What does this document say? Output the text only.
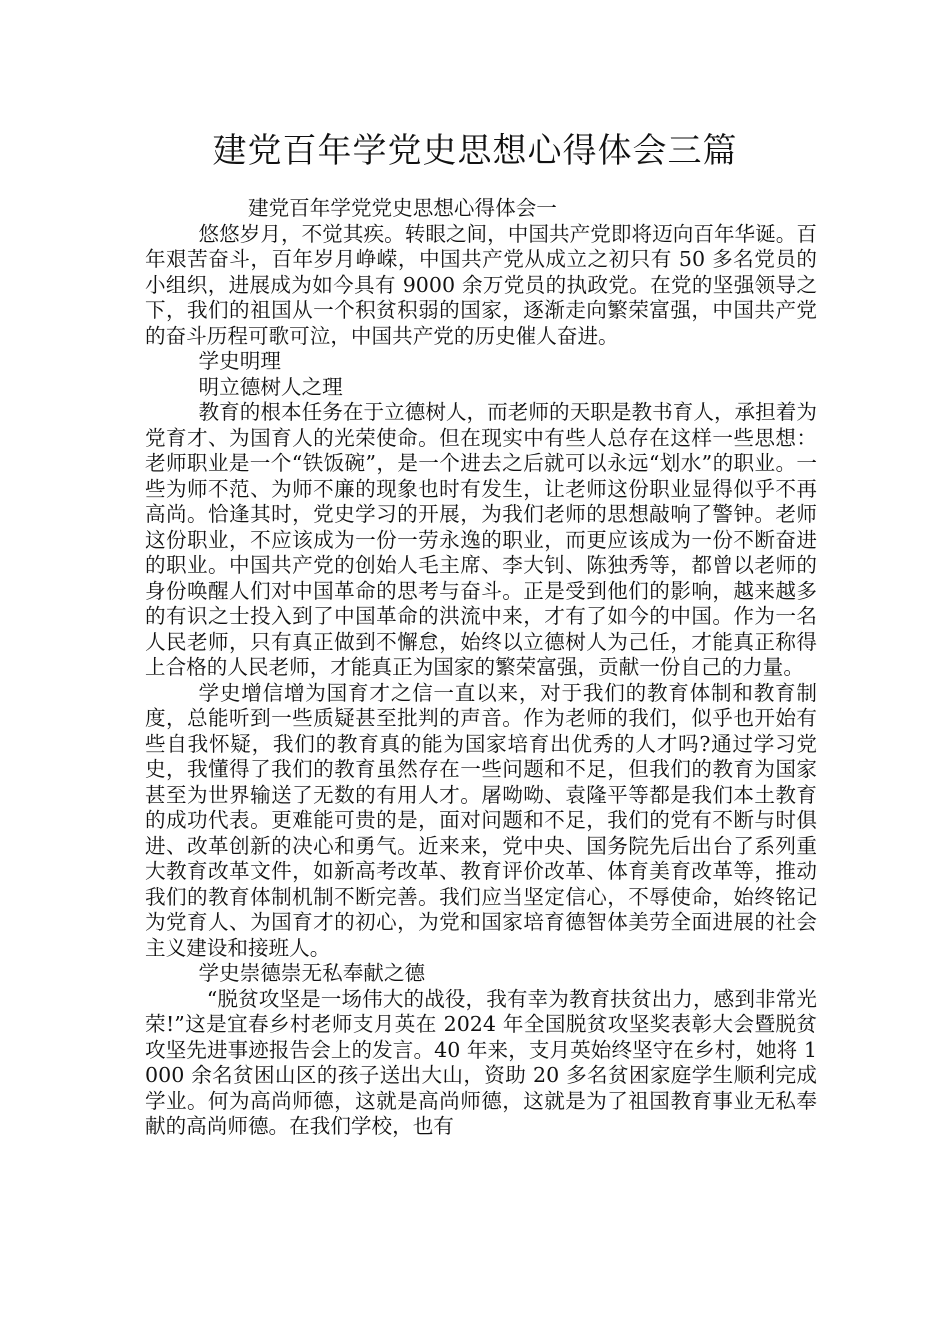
建党百年学党史思想心得体会三篇

建党百年学党党史思想心得体会一

悠悠岁月，不觉其疾。转眼之间，中国共产党即将迈向百年华诞。百年艰苦奋斗，百年岁月峥嵘，中国共产党从成立之初只有 50 多名党员的小组织，进展成为如今具有 9000 余万党员的执政党。在党的坚强领导之下，我们的祖国从一个积贫积弱的国家，逐渐走向繁荣富强，中国共产党的奋斗历程可歌可泣，中国共产党的历史催人奋进。

学史明理

明立德树人之理

教育的根本任务在于立德树人，而老师的天职是教书育人，承担着为党育才、为国育人的光荣使命。但在现实中有些人总存在这样一些思想：老师职业是一个“铁饭碗”，是一个进去之后就可以永远“划水”的职业。一些为师不范、为师不廉的现象也时有发生，让老师这份职业显得似乎不再高尚。恰逢其时，党史学习的开展，为我们老师的思想敲响了警钟。老师这份职业，不应该成为一份一劳永逸的职业，而更应该成为一份不断奋进的职业。中国共产党的创始人毛主席、李大钊、陈独秀等，都曾以老师的身份唤醒人们对中国革命的思考与奋斗。正是受到他们的影响，越来越多的有识之士投入到了中国革命的洪流中来，才有了如今的中国。作为一名人民老师，只有真正做到不懈怠，始终以立德树人为己任，才能真正称得上合格的人民老师，才能真正为国家的繁荣富强，贡献一份自己的力量。

学史增信增为国育才之信一直以来，对于我们的教育体制和教育制度，总能听到一些质疑甚至批判的声音。作为老师的我们，似乎也开始有些自我怀疑，我们的教育真的能为国家培育出优秀的人才吗?通过学习党史，我懂得了我们的教育虽然存在一些问题和不足，但我们的教育为国家甚至为世界输送了无数的有用人才。屠呦呦、袁隆平等都是我们本土教育的成功代表。更难能可贵的是，面对问题和不足，我们的党有不断与时俱进、改革创新的决心和勇气。近来来，党中央、国务院先后出台了系列重大教育改革文件，如新高考改革、教育评价改革、体育美育改革等，推动我们的教育体制机制不断完善。我们应当坚定信心，不辱使命，始终铭记为党育人、为国育才的初心，为党和国家培育德智体美劳全面进展的社会主义建设和接班人。

学史崇德崇无私奉献之德

“脱贫攻坚是一场伟大的战役，我有幸为教育扶贫出力，感到非常光荣!”这是宜春乡村老师支月英在 2024 年全国脱贫攻坚奖表彰大会暨脱贫攻坚先进事迹报告会上的发言。40 年来，支月英始终坚守在乡村，她将 1000 余名贫困山区的孩子送出大山，资助 20 多名贫困家庭学生顺利完成学业。何为高尚师德，这就是高尚师德，这就是为了祖国教育事业无私奉献的高尚师德。在我们学校，也有
